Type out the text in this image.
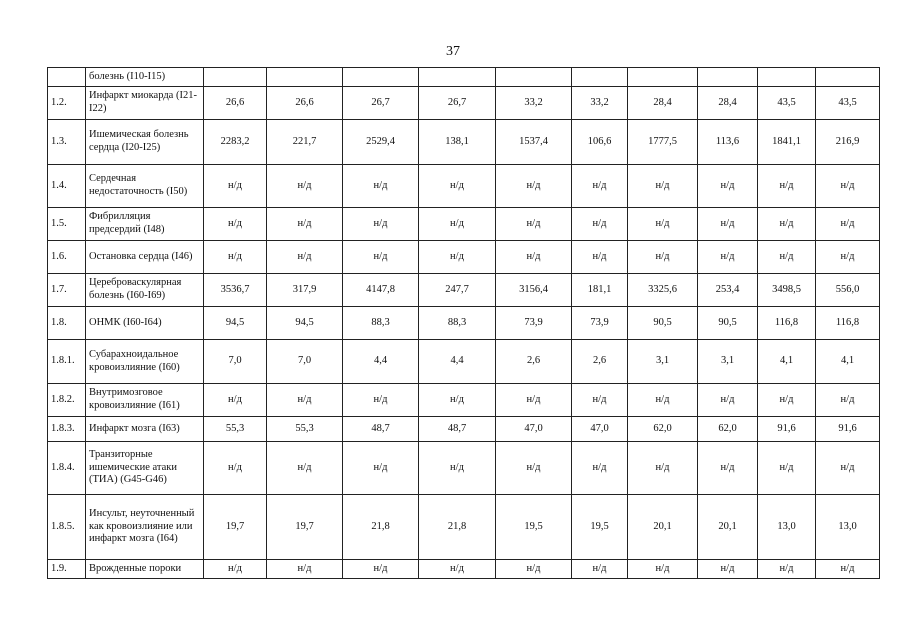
37
	болезнь (I10-I15)										
1.2.	Инфаркт миокарда (I21-I22)	26,6	26,6	26,7	26,7	33,2	33,2	28,4	28,4	43,5	43,5
1.3.	Ишемическая болезнь сердца (I20-I25)	2283,2	221,7	2529,4	138,1	1537,4	106,6	1777,5	113,6	1841,1	216,9
1.4.	Сердечная недостаточность (I50)	н/д	н/д	н/д	н/д	н/д	н/д	н/д	н/д	н/д	н/д
1.5.	Фибрилляция предсердий (I48)	н/д	н/д	н/д	н/д	н/д	н/д	н/д	н/д	н/д	н/д
1.6.	Остановка сердца (I46)	н/д	н/д	н/д	н/д	н/д	н/д	н/д	н/д	н/д	н/д
1.7.	Цереброваскулярная болезнь (I60-I69)	3536,7	317,9	4147,8	247,7	3156,4	181,1	3325,6	253,4	3498,5	556,0
1.8.	ОНМК (I60-I64)	94,5	94,5	88,3	88,3	73,9	73,9	90,5	90,5	116,8	116,8
1.8.1.	Субарахноидальное кровоизлияние (I60)	7,0	7,0	4,4	4,4	2,6	2,6	3,1	3,1	4,1	4,1
1.8.2.	Внутримозговое кровоизлияние (I61)	н/д	н/д	н/д	н/д	н/д	н/д	н/д	н/д	н/д	н/д
1.8.3.	Инфаркт мозга (I63)	55,3	55,3	48,7	48,7	47,0	47,0	62,0	62,0	91,6	91,6
1.8.4.	Транзиторные ишемические атаки (ТИА) (G45-G46)	н/д	н/д	н/д	н/д	н/д	н/д	н/д	н/д	н/д	н/д
1.8.5.	Инсульт, неуточненный как кровоизлияние или инфаркт мозга (I64)	19,7	19,7	21,8	21,8	19,5	19,5	20,1	20,1	13,0	13,0
1.9.	Врожденные пороки	н/д	н/д	н/д	н/д	н/д	н/д	н/д	н/д	н/д	н/д
